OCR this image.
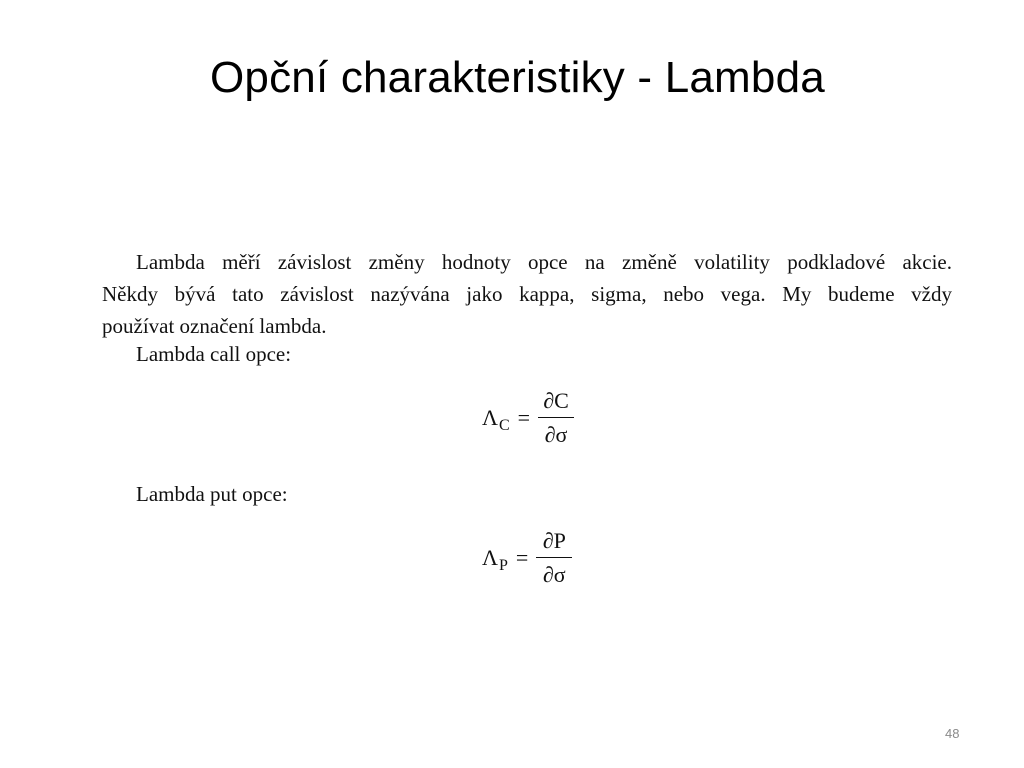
Opční charakteristiky - Lambda
Lambda měří závislost změny hodnoty opce na změně volatility podkladové akcie.
Někdy bývá tato závislost nazývána jako kappa, sigma, nebo vega. My budeme vždy
používat označení lambda.
Lambda call opce:
Λ $C = \frac{\partial C}{\partial\sigma}$
Lambda put opce:
Λ $P = \frac{\partial P}{\partial\sigma}$
48
